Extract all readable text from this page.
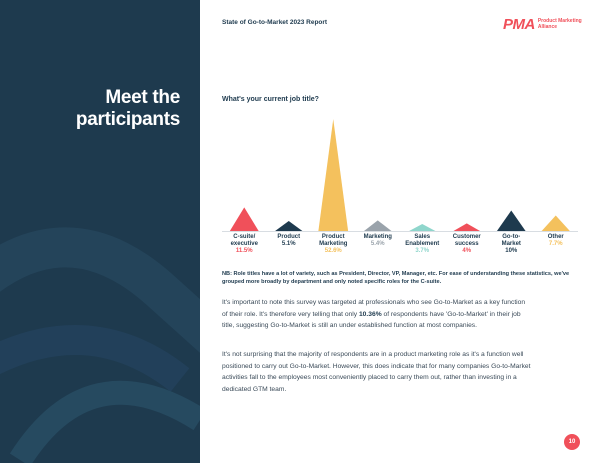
Meet the
participants
State of Go-to-Market 2023 Report	PMA Product Marketing
Alliance
What's your current job title?
C-suite/
executive
11.5%
Product
5.1%
Product
Marketing
52.6%
Marketing
5.4%
Sales
Enablement
3.7%
Customer
success
4%
Go-to-
Market
10%
Other
7.7%
NB: Role titles have a lot of variety, such as President, Director, VP, Manager, etc. For ease of understanding these statistics, we've grouped more broadly by department and only noted specific roles for the C-suite.

It's important to note this survey was targeted at professionals who see Go-to-Market as a key function of their role. It's therefore very telling that only 10.36% of respondents have 'Go-to-Market' in their job title, suggesting Go-to-Market is still an under established function at most companies.

It's not surprising that the majority of respondents are in a product marketing role as it's a function well positioned to carry out Go-to-Market. However, this does indicate that for many companies Go-to-Market activities fall to the employees most conveniently placed to carry them out, rather than investing in a dedicated GTM team.

10
